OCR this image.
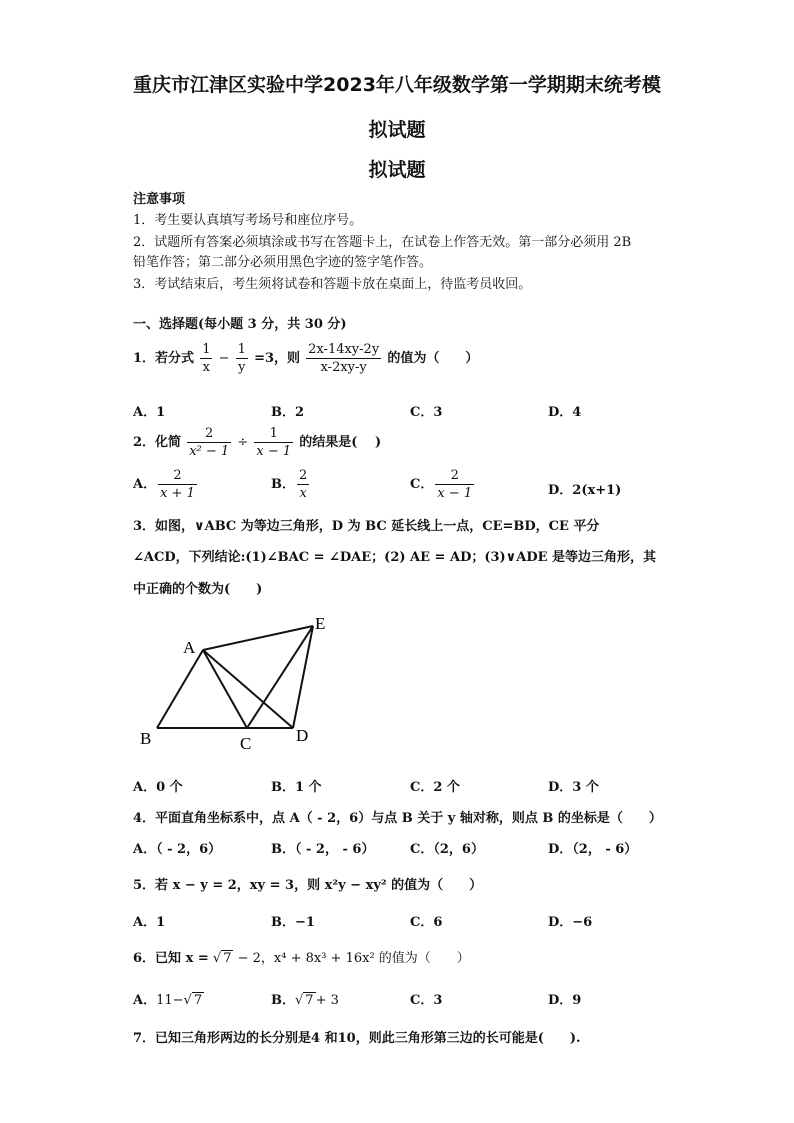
重庆市江津区实验中学2023年八年级数学第一学期期末统考模
拟试题
拟试题
注意事项
1．考生要认真填写考场号和座位序号。
2．试题所有答案必须填涂或书写在答题卡上，在试卷上作答无效。第一部分必须用 2B
铅笔作答；第二部分必须用黑色字迹的签字笔作答。
3．考试结束后，考生须将试卷和答题卡放在桌面上，待监考员收回。
一、选择题(每小题 3 分，共 30 分)
1．若分式 $\frac{1}{x} - \frac{1}{y} =3$，则 $\frac{2x-14xy-2y}{x-2xy-y}$ 的值为（　　）
A．1	B．2	C．3	D．4
2．化简 $\frac{2}{\text{x² − 1}} \div \frac{1}{x - 1}$ 的结果是(　 )
A． $\frac{2}{x + 1}$	B． $\frac{2}{x}$	C． $\frac{2}{x - 1}$	D．2(x+1)
3．如图，∨ABC 为等边三角形，D 为 BC 延长线上一点，CE=BD，CE 平分
∠ACD，下列结论:(1)∠BAC = ∠DAE；(2) AE = AD；(3)∨ADE 是等边三角形，其
中正确的个数为(　　)
A
B	C	D
E
A．0 个	B．1 个	C．2 个	D．3 个
4．平面直角坐标系中，点 A（ - 2，6）与点 B 关于 y 轴对称，则点 B 的坐标是（　　）
A．（ - 2，6）	B．（ - 2， - 6）	C．（2，6）	D．（2， - 6）
5．若 x − y = 2，xy = 3，则 x²y − xy² 的值为（　　）
A．1	B．−1	C．6	D．−6
6．已知 x = √ 7 − 2，x⁴ + 8x³ + 16x² 的值为（　　）
A．11−√ 7	B．√ 7 + 3	C．3	D．9
7．已知三角形两边的长分别是4 和10，则此三角形第三边的长可能是(　　).
